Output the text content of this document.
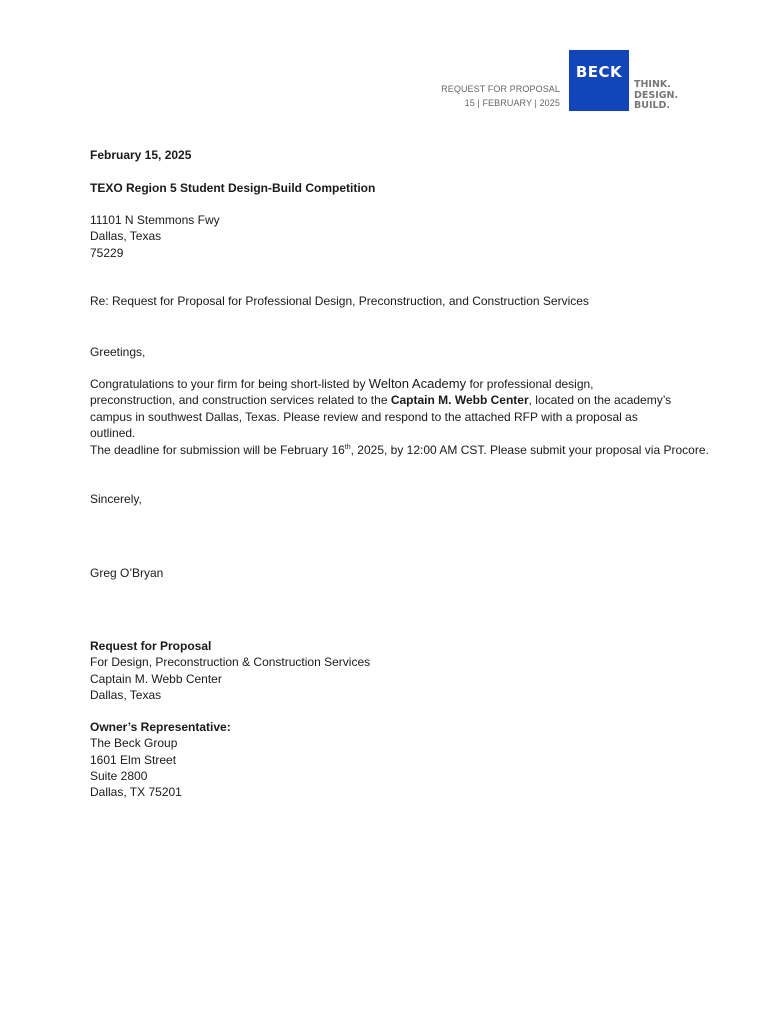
REQUEST FOR PROPOSAL
15 | FEBRUARY | 2025
BECK
THINK.
DESIGN.
BUILD.
February 15, 2025
TEXO Region 5 Student Design-Build Competition
11101 N Stemmons Fwy
Dallas, Texas
75229
Re: Request for Proposal for Professional Design, Preconstruction, and Construction Services
Greetings,
Congratulations to your firm for being short-listed by Welton Academy for professional design, preconstruction, and construction services related to the Captain M. Webb Center, located on the academy’s campus in southwest Dallas, Texas. Please review and respond to the attached RFP with a proposal as outlined.
The deadline for submission will be February 16th, 2025, by 12:00 AM CST. Please submit your proposal via Procore.
Sincerely,
Greg O’Bryan
Request for Proposal
For Design, Preconstruction & Construction Services
Captain M. Webb Center
Dallas, Texas
Owner’s Representative:
The Beck Group
1601 Elm Street
Suite 2800
Dallas, TX 75201
